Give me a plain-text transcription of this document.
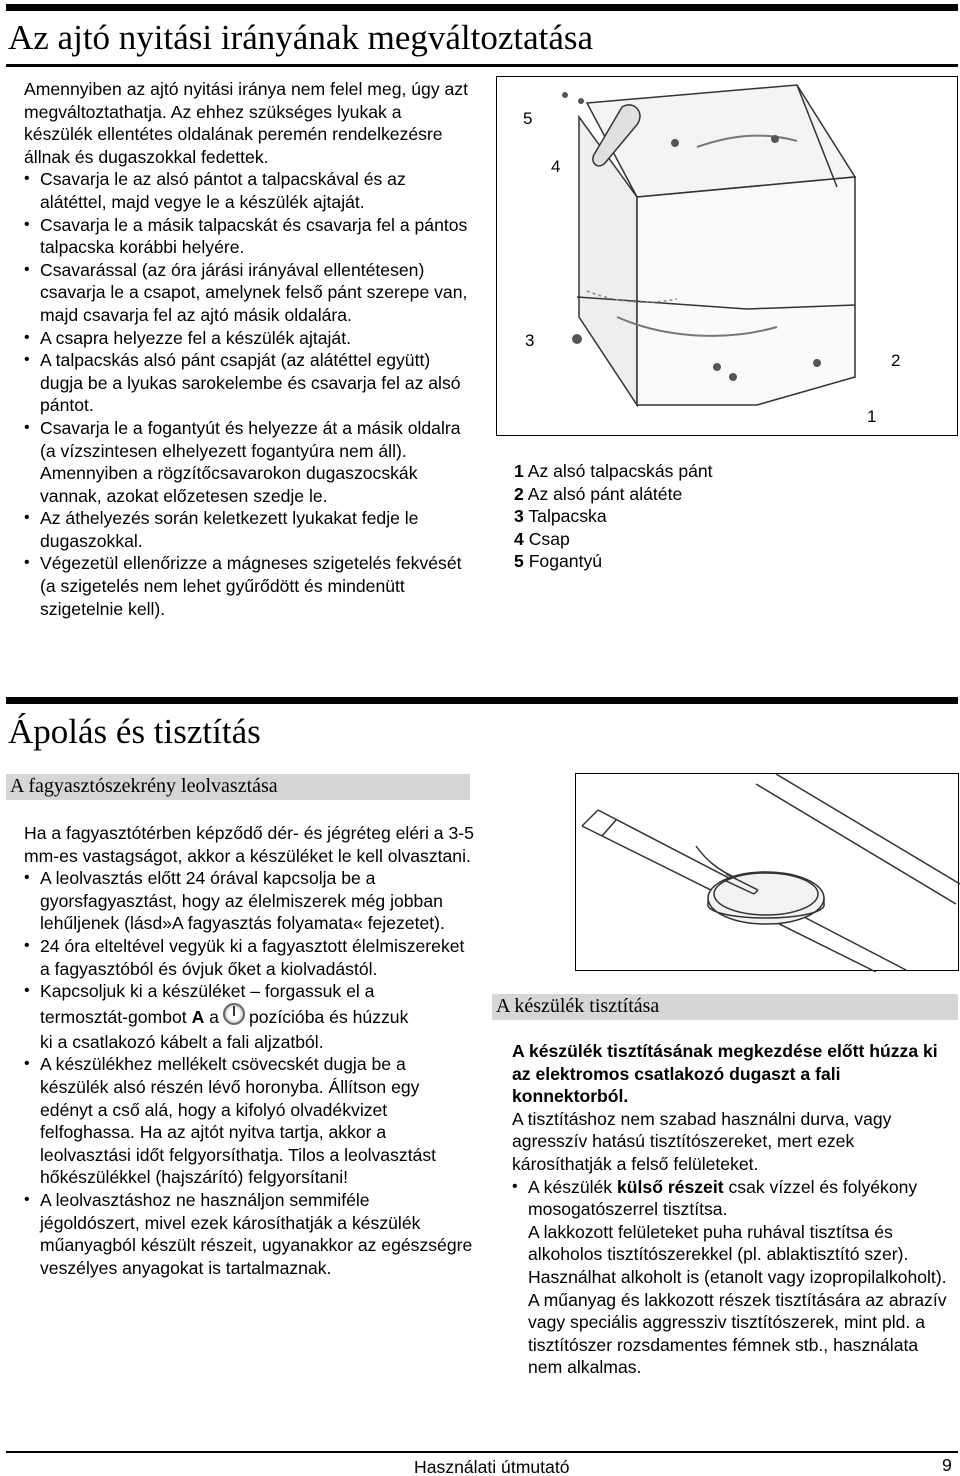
Az ajtó nyitási irányának megváltoztatása

Amennyiben az ajtó nyitási iránya nem felel meg, úgy azt megváltoztathatja. Az ehhez szükséges lyukak a készülék ellentétes oldalának peremén rendelkezésre állnak és dugaszokkal fedettek.

• Csavarja le az alsó pántot a talpacskával és az alátéttel, majd vegye le a készülék ajtaját.
• Csavarja le a másik talpacskát és csavarja fel a pántos talpacska korábbi helyére.
• Csavarással (az óra járási irányával ellentétesen) csavarja le a csapot, amelynek felső pánt szerepe van, majd csavarja fel az ajtó másik oldalára.
• A csapra helyezze fel a készülék ajtaját.
• A talpacskás alsó pánt csapját (az alátéttel együtt) dugja be a lyukas sarokelembe és csavarja fel az alsó pántot.
• Csavarja le a fogantyút és helyezze át a másik oldalra (a vízszintesen elhelyezett fogantyúra nem áll).

Amennyiben a rögzítőcsavarokon dugaszocskák vannak, azokat előzetesen szedje le.

• Az áthelyezés során keletkezett lyukakat fedje le dugaszokkal.
• Végezetül ellenőrizze a mágneses szigetelés fekvését (a szigetelés nem lehet gyűrődött és mindenütt szigetelnie kell).
5
4
3
2
1
1 Az alsó talpacskás pánt
2 Az alsó pánt alátéte
3 Talpacska
4 Csap
5 Fogantyú
Ápolás és tisztítás
A fagyasztószekrény leolvasztása

Ha a fagyasztótérben képződő dér- és jégréteg eléri a 3-5 mm-es vastagságot, akkor a készüléket le kell olvasztani.

• A leolvasztás előtt 24 órával kapcsolja be a gyorsfagyasztást, hogy az élelmiszerek még jobban lehűljenek (lásd»A fagyasztás folyamata« fejezetet).
• 24 óra elteltével vegyük ki a fagyasztott élelmiszereket a fagyasztóból és óvjuk őket a kiolvadástól.
• Kapcsoljuk ki a készüléket – forgassuk el a
termosztát-gombot A a pozícióba és húzzuk
ki a csatlakozó kábelt a fali aljzatból.
• A készülékhez mellékelt csövecskét dugja be a készülék alsó részén lévő horonyba. Állítson egy edényt a cső alá, hogy a kifolyó olvadékvizet felfoghassa. Ha az ajtót nyitva tartja, akkor a leolvasztási időt felgyorsíthatja. Tilos a leolvasztást hőkészülékkel (hajszárító) felgyorsítani!
• A leolvasztáshoz ne használjon semmiféle jégoldószert, mivel ezek károsíthatják a készülék műanyagból készült részeit, ugyanakkor az egészségre veszélyes anyagokat is tartalmaznak.
A készülék tisztítása

A készülék tisztításának megkezdése előtt húzza ki az elektromos csatlakozó dugaszt a fali konnektorból.

A tisztításhoz nem szabad használni durva, vagy agresszív hatású tisztítószereket, mert ezek károsíthatják a felső felületeket.

• A készülék külső részeit csak vízzel és folyékony mosogatószerrel tisztítsa.

A lakkozott felületeket puha ruhával tisztítsa és alkoholos tisztítószerekkel (pl. ablaktisztító szer). Használhat alkoholt is (etanolt vagy izopropilalkoholt).

A műanyag és lakkozott részek tisztítására az abrazív vagy speciális aggressziv tisztítószerek, mint pld. a tisztítószer rozsdamentes fémnek stb., használata nem alkalmas.

Használati útmutató	9
